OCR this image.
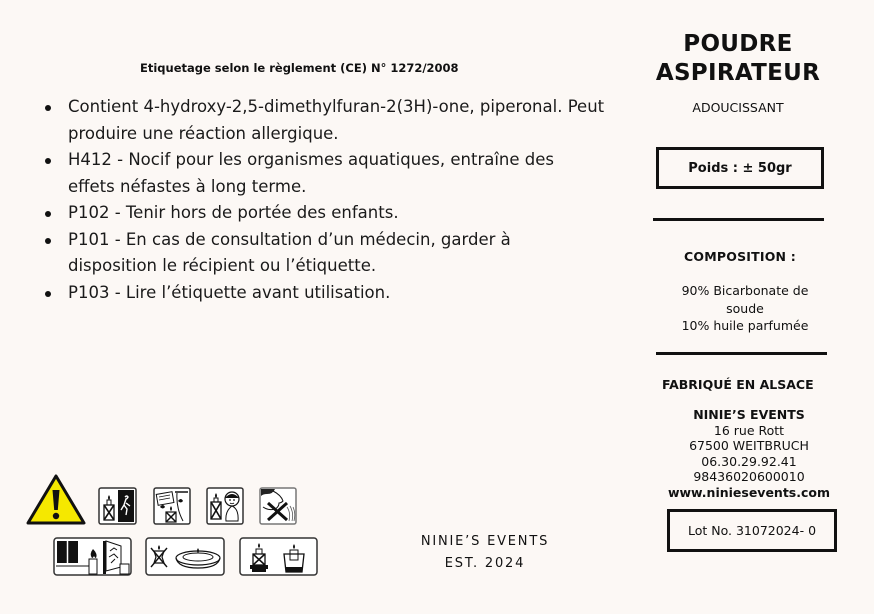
Etiquetage selon le règlement (CE) N° 1272/2008
Contient 4-hydroxy-2,5-dimethylfuran-2(3H)-one, piperonal. Peut produire une réaction allergique.
H412 - Nocif pour les organismes aquatiques, entraîne des effets néfastes à long terme.
P102 - Tenir hors de portée des enfants.
P101 - En cas de consultation d’un médecin, garder à disposition le récipient ou l’étiquette.
P103 - Lire l’étiquette avant utilisation.
POUDRE
ASPIRATEUR
ADOUCISSANT
Poids : ± 50gr
COMPOSITION :
90% Bicarbonate de
soude
10% huile parfumée
FABRIQUÉ EN ALSACE
NINIE’S EVENTS
16 rue Rott
67500 WEITBRUCH
06.30.29.92.41
98436020600010
www.niniesevents.com
Lot No. 31072024- 0
NINIE’S EVENTS
EST. 2024
